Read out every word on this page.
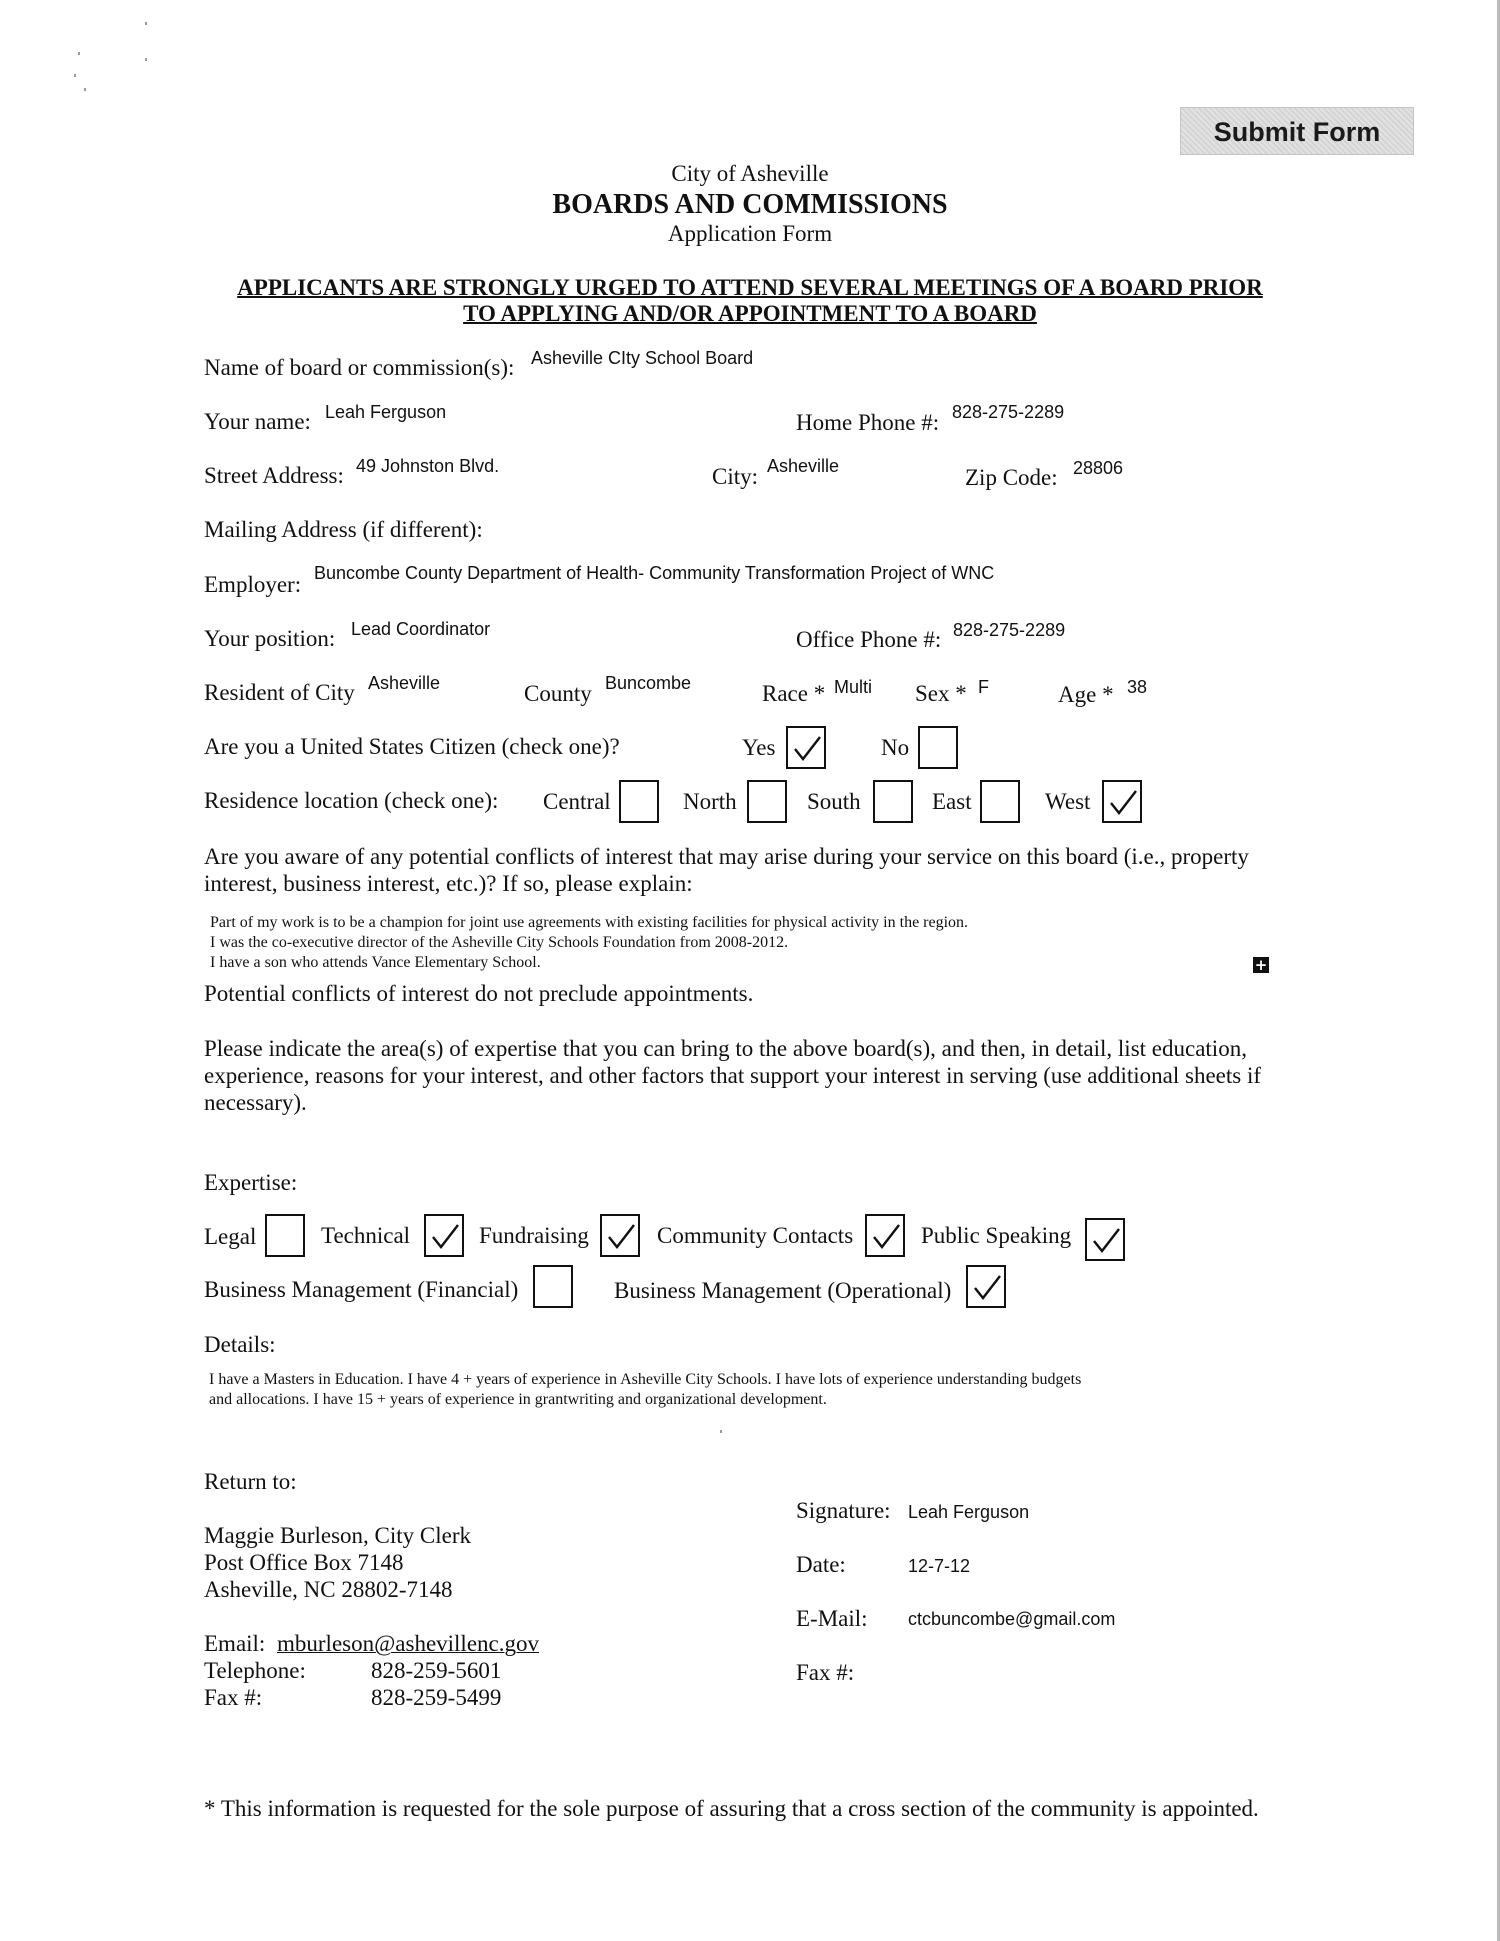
Submit Form
City of Asheville
BOARDS AND COMMISSIONS
Application Form
APPLICANTS ARE STRONGLY URGED TO ATTEND SEVERAL MEETINGS OF A BOARD PRIOR
TO APPLYING AND/OR APPOINTMENT TO A BOARD
Name of board or commission(s): Asheville CIty School Board
Your name: Leah Ferguson	Home Phone #: 828-275-2289
Street Address: 49 Johnston Blvd.	City: Asheville	Zip Code: 28806
Mailing Address (if different):
Employer: Buncombe County Department of Health- Community Transformation Project of WNC
Your position: Lead Coordinator	Office Phone #: 828-275-2289
Resident of City Asheville	County Buncombe	Race * Multi Sex * F	Age * 38
Are you a United States Citizen (check one)?	Yes	No
Residence location (check one): Central	North	South	East	West
Are you aware of any potential conflicts of interest that may arise during your service on this board (i.e., property
interest, business interest, etc.)? If so, please explain:
Part of my work is to be a champion for joint use agreements with existing facilities for physical activity in the region.
I was the co-executive director of the Asheville City Schools Foundation from 2008-2012.
I have a son who attends Vance Elementary School.	+
Potential conflicts of interest do not preclude appointments.
Please indicate the area(s) of expertise that you can bring to the above board(s), and then, in detail, list education,
experience, reasons for your interest, and other factors that support your interest in serving (use additional sheets if
necessary).
Expertise:
Legal	Technical	Fundraising	Community Contacts	Public Speaking
Business Management (Financial)	Business Management (Operational)
Details:
I have a Masters in Education. I have 4 + years of experience in Asheville City Schools. I have lots of experience understanding budgets
and allocations. I have 15 + years of experience in grantwriting and organizational development.
Return to:
Maggie Burleson, City Clerk
Post Office Box 7148
Asheville, NC 28802-7148
Email: mburleson@ashevillenc.gov
Telephone:	828-259-5601
Fax #:	828-259-5499
Signature: Leah Ferguson
Date:	12-7-12
E-Mail: ctcbuncombe@gmail.com
Fax #:
* This information is requested for the sole purpose of assuring that a cross section of the community is appointed.
